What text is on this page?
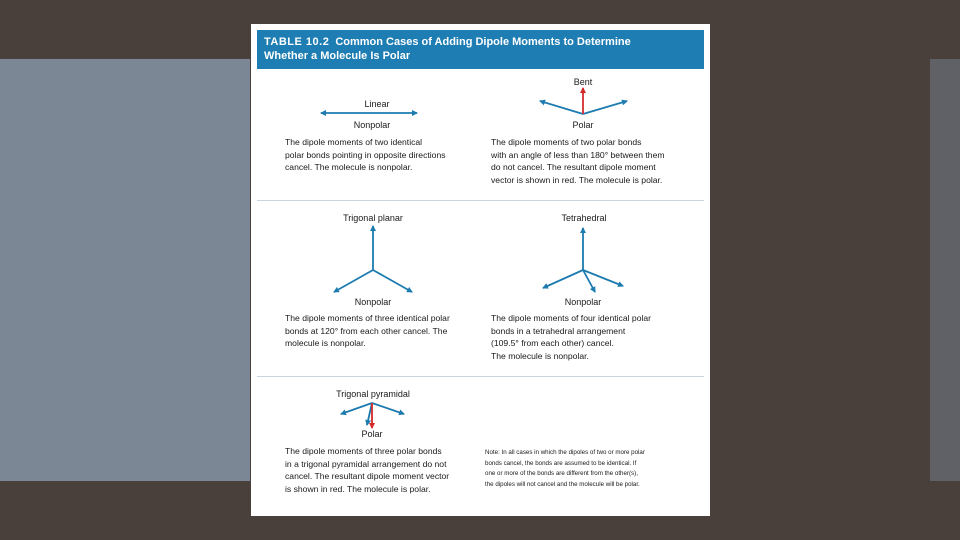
TABLE 10.2 Common Cases of Adding Dipole Moments to Determine
Whether a Molecule Is Polar
Linear
Nonpolar
The dipole moments of two identical
polar bonds pointing in opposite directions
cancel. The molecule is nonpolar.
Bent
Polar
The dipole moments of two polar bonds
with an angle of less than 180° between them
do not cancel. The resultant dipole moment
vector is shown in red. The molecule is polar.
Trigonal planar
Nonpolar
The dipole moments of three identical polar
bonds at 120° from each other cancel. The
molecule is nonpolar.
Tetrahedral
Nonpolar
The dipole moments of four identical polar
bonds in a tetrahedral arrangement
(109.5° from each other) cancel.
The molecule is nonpolar.
Trigonal pyramidal
Polar
The dipole moments of three polar bonds
in a trigonal pyramidal arrangement do not
cancel. The resultant dipole moment vector
is shown in red. The molecule is polar.
Note: In all cases in which the dipoles of two or more polar
bonds cancel, the bonds are assumed to be identical. If
one or more of the bonds are different from the other(s),
the dipoles will not cancel and the molecule will be polar.
